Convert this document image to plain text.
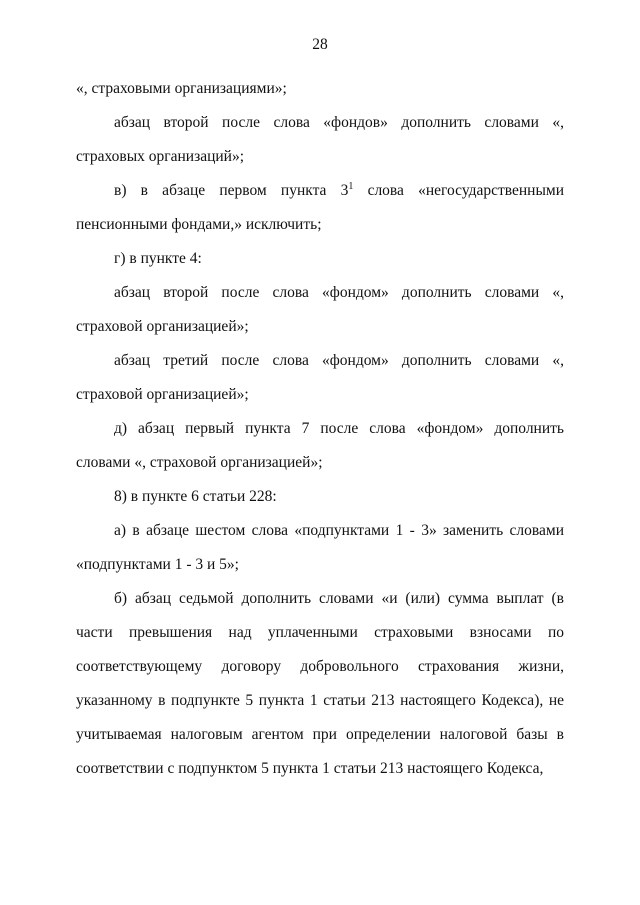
28

«, страховыми организациями»;

абзац второй после слова «фондов» дополнить словами «, страховых организаций»;

в) в абзаце первом пункта $3^1$ слова «негосударственными
пенсионными фондами,» исключить;

г) в пункте 4:

абзац второй после слова «фондом» дополнить словами «, страховой организацией»;

абзац третий после слова «фондом» дополнить словами «, страховой организацией»;

д) абзац первый пункта 7 после слова «фондом» дополнить словами «, страховой организацией»;

8) в пункте 6 статьи 228:

а) в абзаце шестом слова «подпунктами 1 - 3» заменить словами «подпунктами 1 - 3 и 5»;

б) абзац седьмой дополнить словами «и (или) сумма выплат (в части превышения над уплаченными страховыми взносами по соответствующему договору добровольного страхования жизни, указанному в подпункте 5 пункта 1 статьи 213 настоящего Кодекса), не учитываемая налоговым агентом при определении налоговой базы в соответствии с подпунктом 5 пункта 1 статьи 213 настоящего Кодекса,
